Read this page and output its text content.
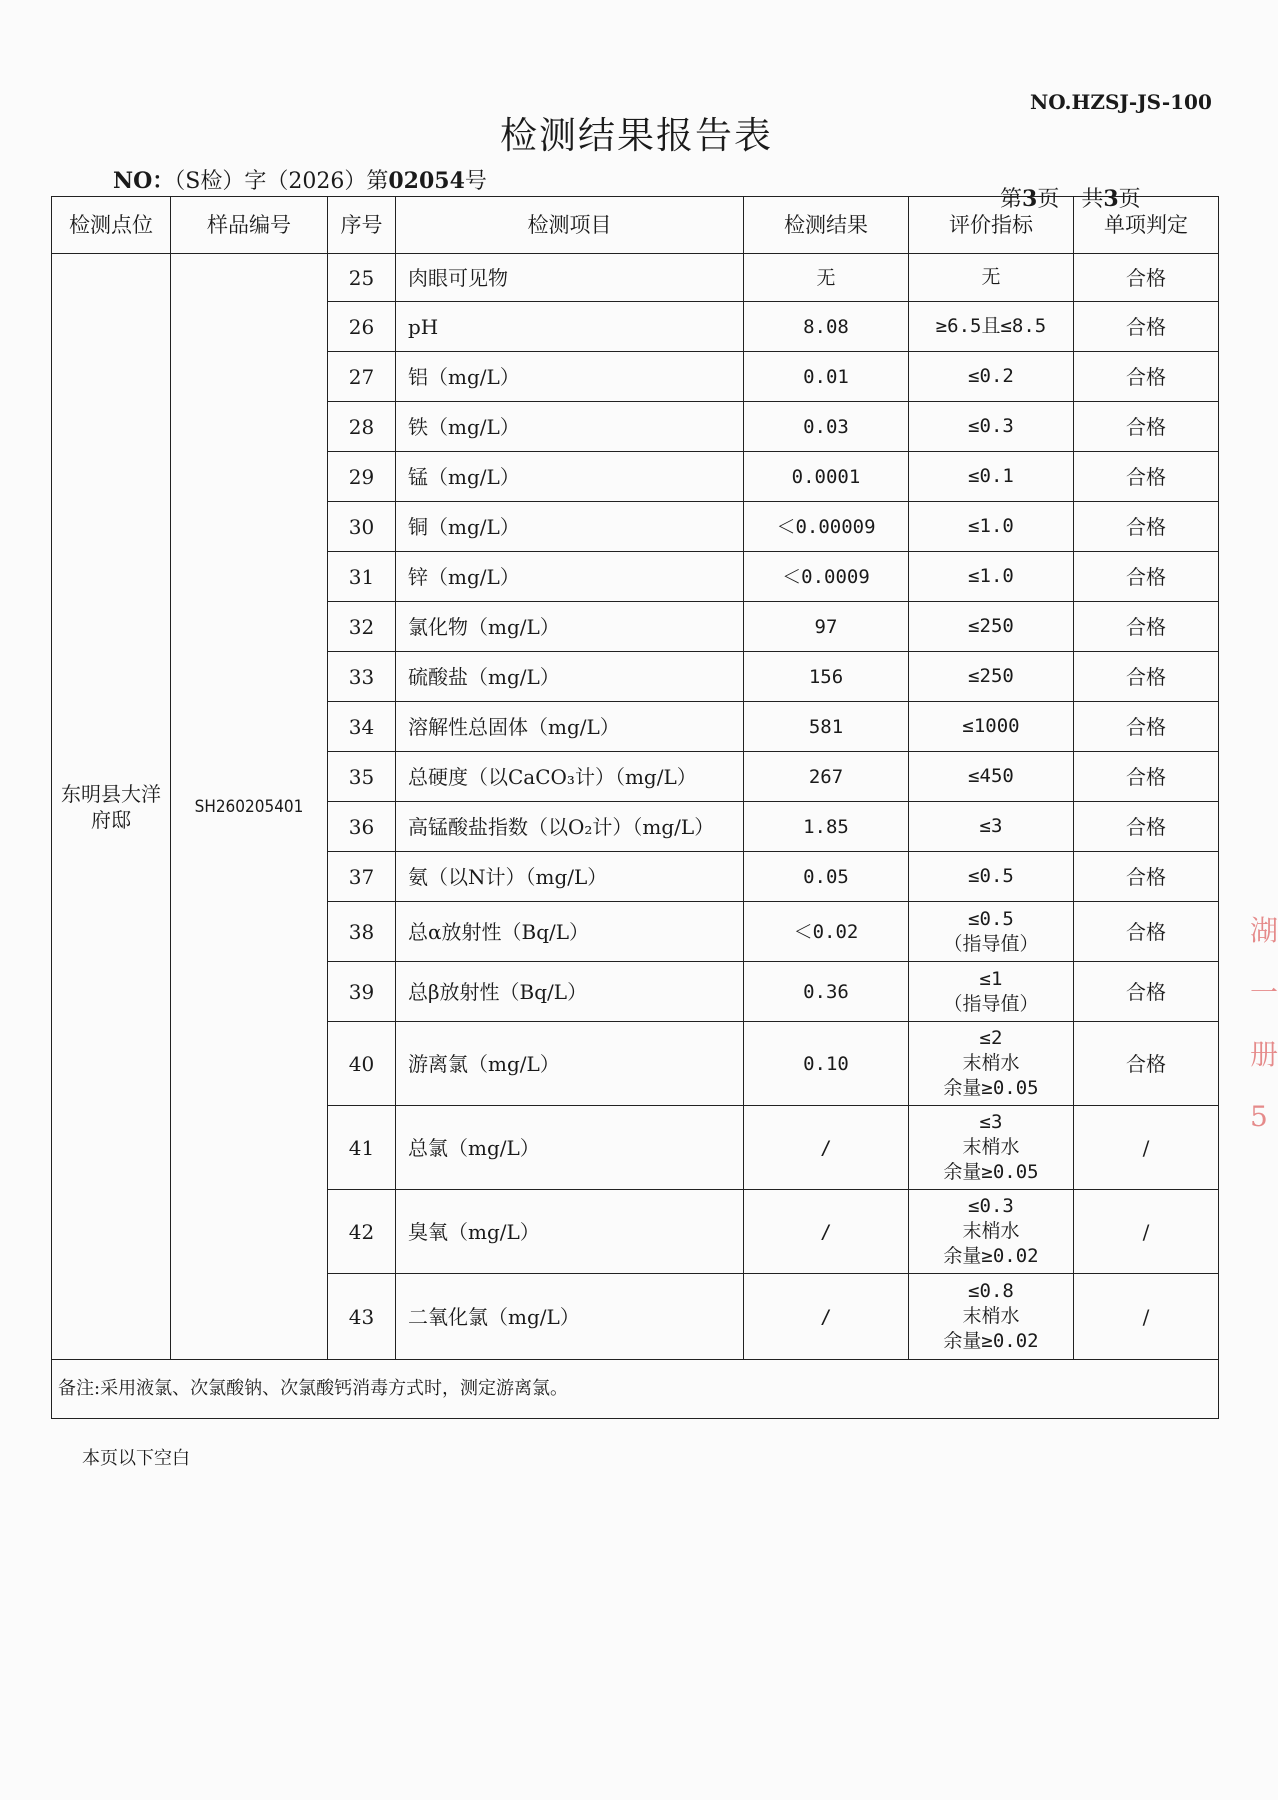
NO.HZSJ-JS-100
检测结果报告表
NO：（S检）字（2026）第02054号
第3页　共3页
检测点位	样品编号	序号	检测项目	检测结果	评价指标	单项判定
东明县大洋府邸	SH260205401	25	肉眼可见物	无	无	合格
		26	pH	8.08	≥6.5且≤8.5	合格
		27	铝（mg/L）	0.01	≤0.2	合格
		28	铁（mg/L）	0.03	≤0.3	合格
		29	锰（mg/L）	0.0001	≤0.1	合格
		30	铜（mg/L）	＜0.00009	≤1.0	合格
		31	锌（mg/L）	＜0.0009	≤1.0	合格
		32	氯化物（mg/L）	97	≤250	合格
		33	硫酸盐（mg/L）	156	≤250	合格
		34	溶解性总固体（mg/L）	581	≤1000	合格
		35	总硬度（以CaCO₃计）（mg/L）	267	≤450	合格
		36	高锰酸盐指数（以O₂计）（mg/L）	1.85	≤3	合格
		37	氨（以N计）（mg/L）	0.05	≤0.5	合格
		38	总α放射性（Bq/L）	＜0.02	≤0.5
（指导值）	合格
		39	总β放射性（Bq/L）	0.36	≤1
（指导值）	合格
		40	游离氯（mg/L）	0.10	≤2
末梢水
余量≥0.05	合格
		41	总氯（mg/L）	/	≤3
末梢水
余量≥0.05	/
		42	臭氧（mg/L）	/	≤0.3
末梢水
余量≥0.02	/
		43	二氧化氯（mg/L）	/	≤0.8
末梢水
余量≥0.02	/
备注:采用液氯、次氯酸钠、次氯酸钙消毒方式时，测定游离氯。						
本页以下空白
湖
一
册
5
